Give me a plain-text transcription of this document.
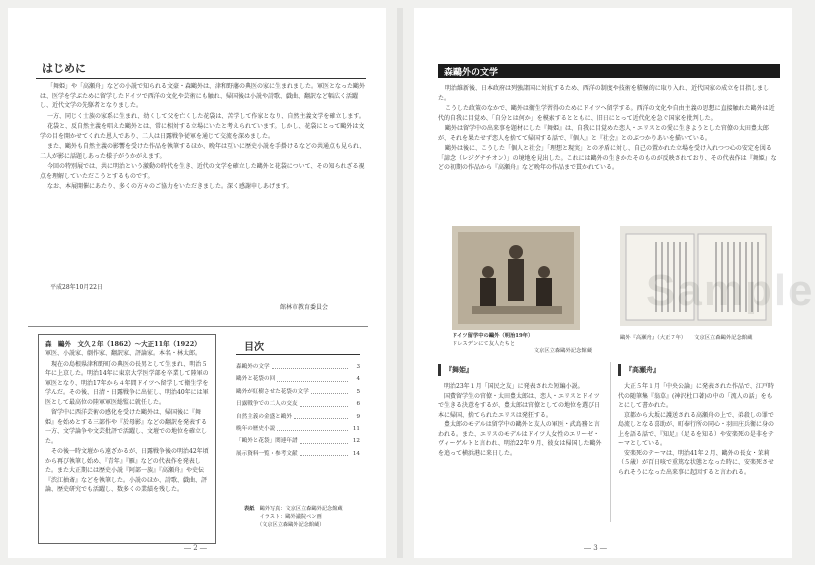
はじめに

「舞姫」や「高瀬舟」などの小説で知られる文豪・森鷗外は、津和野藩の典医の家に生まれました。軍医となった鷗外は、医学を学ぶために留学したドイツで西洋の文化や芸術にも触れ、帰国後は小説や詩歌、戯曲、翻訳など幅広く活躍し、近代文学の先駆者となりました。

一方、同じく士族の家系に生まれ、幼くして父を亡くした花袋は、苦学して作家となり、自然主義文学を確立します。

花袋と、反自然主義を唱えた鷗外とは、常に相対する立場にいたと考えられています。しかし、花袋にとって鷗外は文学の目を開かせてくれた恩人であり、二人は日露戦争従軍を通じて交流を深めました。

また、鷗外も自然主義の影響を受けた作品を執筆するほか、晩年は互いに歴史小説を手掛けるなどの共通点も見られ、二人が影に話題しあった様子がうかがえます。

今回の特別展では、共に明治という激動の時代を生き、近代の文学を確立した鷗外と花袋について、その知られざる視点を理解していただこうとするものです。

なお、本展開催にあたり、多くの方々のご協力をいただきました。深く感謝申しあげます。

平成28年10月22日
館林市教育委員会
森　鷗外　文久２年（1862）～大正11年（1922）

軍医、小説家、劇作家、翻訳家、評論家。本名・林太郎。

現在の島根県津和野町の典医の長男として生まれ、明治５年に上京した。明治14年に東京大学医学部を卒業して陸軍の軍医となり、明治17年から４年間ドイツへ留学して衛生学を学んだ。その後、日清・日露戦争に出征し、明治40年には軍医として最高位の陸軍軍医総監に就任した。

留学中に西洋芸術の感化を受けた鷗外は、帰国後に『舞姫』を始めとする三部作や『於母影』などの翻訳を発表する一方、文学論争や文芸批評で活躍し、文壇での地位を確立した。

その後一時文壇から遠ざかるが、日露戦争後の明治42年頃から再び執筆し始め、『青年』『雁』などの代表作を発表した。また大正期には歴史小説『阿部一族』『高瀬舟』や史伝『渋江抽斎』などを執筆した。小説のほか、詩歌、戯曲、評論、歴史研究でも活躍し、数多くの業績を残した。

目次
森鷗外の文学	3
鷗外と花袋の回	4
鷗外が紅樹させた花袋の文学	5
日露戦争での二人の交友	6
自然主義の金盛と鷗外	9
晩年の歴史小説	11
「鷗外と花袋」関連年譜	12
展示資料一覧・参考文献	14
表紙　 鷗外写真：文京区立森鷗外記念館蔵
　　　イラスト：鷗外議院ペン画
　　　（文京区立森鷗外記念館蔵）
― 2 ―
森鷗外の文学

明治維新後、日本政府は列強諸国に対抗するため、西洋の制度や技術を積極的に取り入れ、近代国家の成立を目指しました。

こうした政策のなかで、鷗外は衛生学習得のためにドイツへ留学する。西洋の文化や自由主義の思想に直接触れた鷗外は近代的自我に目覚め、「自分とは何か」を模索するとともに、旧日にとって近代化を急ぐ国家を批判した。

鷗外は留学中の出来事を題材にした『舞姫』は、自我に目覚めた恋人・エリスとの愛に生きようとした官僚の太田豊太郎が、それを果たせず恋人を捨てて帰国する話で、『個人』と『社会』とのぶつかりあいを描いている。

鷗外は後に、こうした「個人と社会」「理想と現実」との矛盾に対し、自己の置かれた立場を受け入れつつ心の安定を図る「諦念（レジグナチオン）」の境地を見出した。これには鷗外の生きかたそのものが反映されており、その代表作は『舞姫』などの初期の作品から『高瀬舟』など晩年の作品まで貫かれている。

ドイツ留学中の鷗外（明治19年）
ドレスデンにて友人たちと
文京区立森鷗外記念館蔵
鷗外『高瀬舟』（大正７年）　　文京区立森鷗外記念館蔵
『舞姫』

明治23年１月「国民之友」に発表された短編小説。

国費留学生の官僚・太田豊太郎は、恋人・エリスとドイツで生きる決意をするが、豊太郎は官僚としての地位を選び日本に帰国、捨てられたエリスは発狂する。

豊太郎のモデルは留学中の鷗外と友人の軍医・武島務と言われる。また、エリスのモデルはドイツ人女性のエリーゼ・ヴィーゲルトと言われ、明治22年９月、彼女は帰国した鷗外を追って横浜港に来日した。

『高瀬舟』

大正５年１月「中央公論」に発表された作品で、江戸時代の随筆集『翁草』(神沢杜口著)の中の「流人の話」をもとにして書かれた。

京都から大坂に護送される高瀬舟の上で、弟殺しの罪で島流しとなる喜助が、町奉行所の同心・羽田庄兵衛に身の上を語る話で、『知足』（足るを知る）や安楽死の是非をテーマとしている。

安楽死のテーマは、明治41年２月、鷗外の長女・茉莉（５歳）が百日咳で重篤な状態となった時に、安楽死させられそうになった出来事に起因すると言われる。

Sample
― 3 ―
